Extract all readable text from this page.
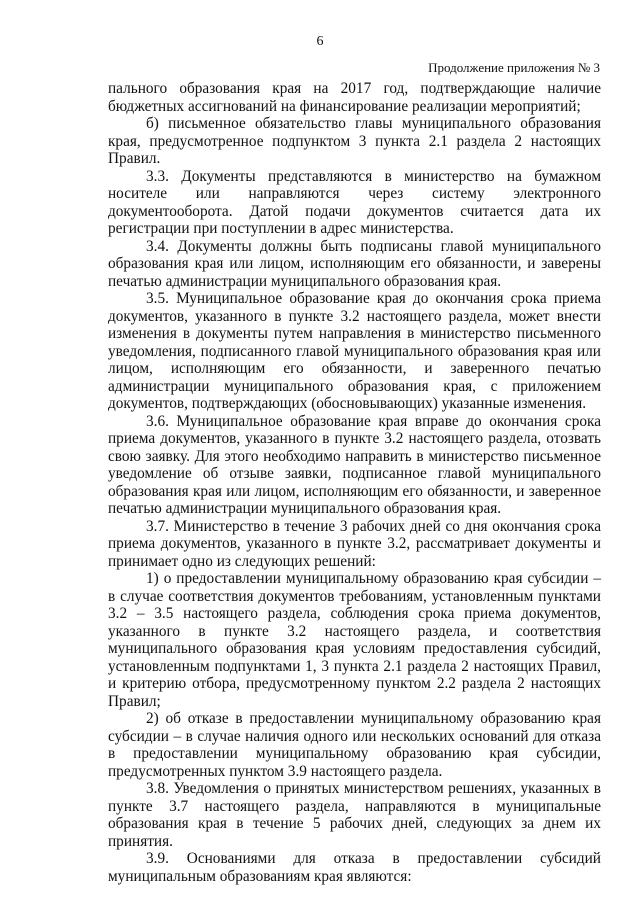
6
Продолжение приложения № 3

пального образования края на 2017 год, подтверждающие наличие бюджетных ассигнований на финансирование реализации мероприятий;

б) письменное обязательство главы муниципального образования края, предусмотренное подпунктом 3 пункта 2.1 раздела 2 настоящих Правил.

3.3. Документы представляются в министерство на бумажном носителе или направляются через систему электронного документооборота. Датой подачи документов считается дата их регистрации при поступлении в адрес министерства.

3.4. Документы должны быть подписаны главой муниципального образования края или лицом, исполняющим его обязанности, и заверены печатью администрации муниципального образования края.

3.5. Муниципальное образование края до окончания срока приема документов, указанного в пункте 3.2 настоящего раздела, может внести изменения в документы путем направления в министерство письменного уведомления, подписанного главой муниципального образования края или лицом, исполняющим его обязанности, и заверенного печатью администрации муниципального образования края, с приложением документов, подтверждающих (обосновывающих) указанные изменения.

3.6. Муниципальное образование края вправе до окончания срока приема документов, указанного в пункте 3.2 настоящего раздела, отозвать свою заявку. Для этого необходимо направить в министерство письменное уведомление об отзыве заявки, подписанное главой муниципального образования края или лицом, исполняющим его обязанности, и заверенное печатью администрации муниципального образования края.

3.7. Министерство в течение 3 рабочих дней со дня окончания срока приема документов, указанного в пункте 3.2, рассматривает документы и принимает одно из следующих решений:

1) о предоставлении муниципальному образованию края субсидии – в случае соответствия документов требованиям, установленным пунктами 3.2 – 3.5 настоящего раздела, соблюдения срока приема документов, указанного в пункте 3.2 настоящего раздела, и соответствия муниципального образования края условиям предоставления субсидий, установленным подпунктами 1, 3 пункта 2.1 раздела 2 настоящих Правил, и критерию отбора, предусмотренному пунктом 2.2 раздела 2 настоящих Правил;

2) об отказе в предоставлении муниципальному образованию края субсидии – в случае наличия одного или нескольких оснований для отказа в предоставлении муниципальному образованию края субсидии, предусмотренных пунктом 3.9 настоящего раздела.

3.8. Уведомления о принятых министерством решениях, указанных в пункте 3.7 настоящего раздела, направляются в муниципальные образования края в течение 5 рабочих дней, следующих за днем их принятия.

3.9. Основаниями для отказа в предоставлении субсидий муниципальным образованиям края являются:
